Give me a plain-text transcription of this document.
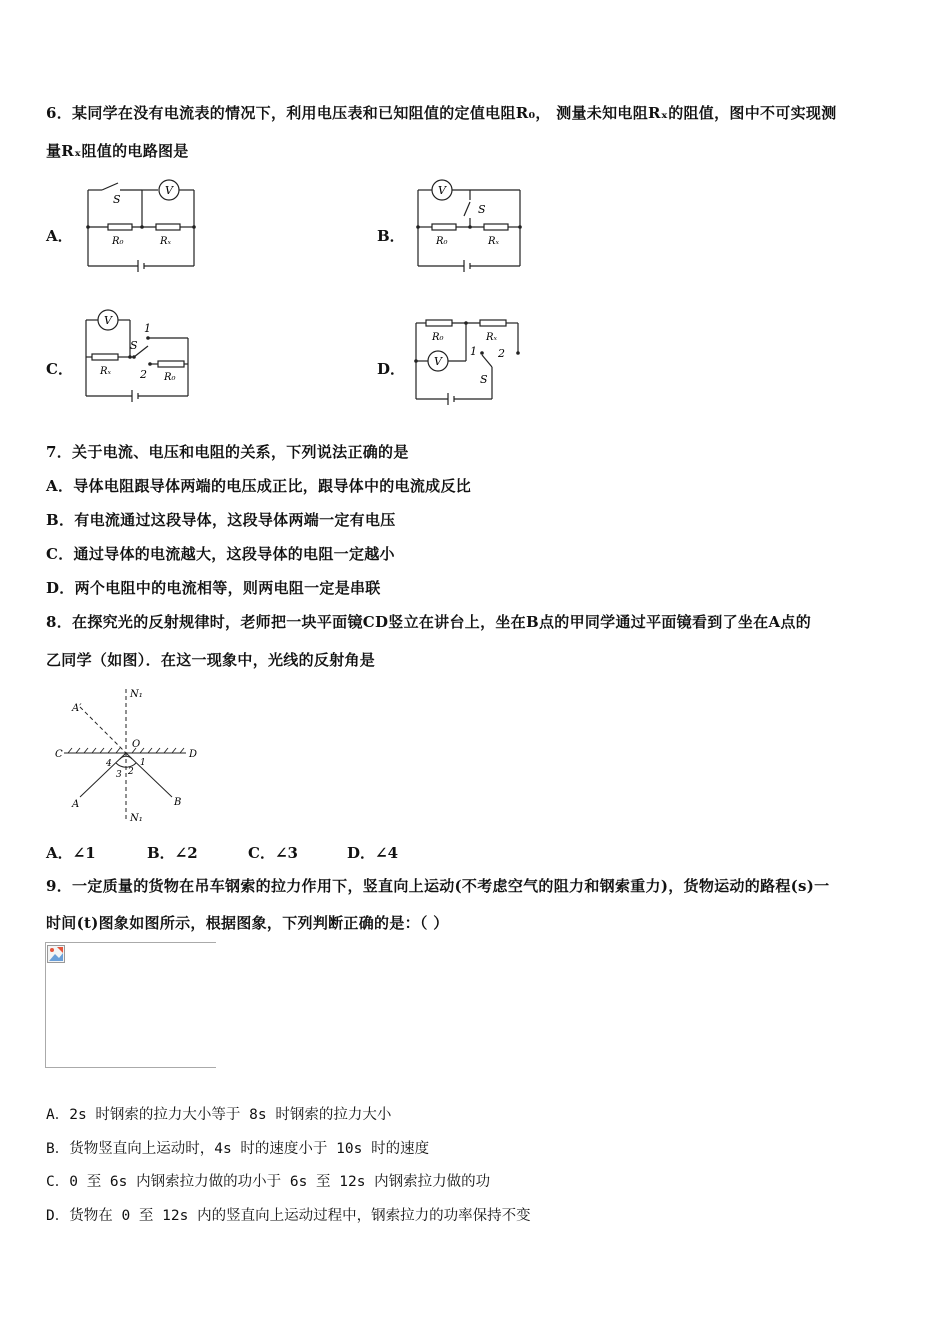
6．某同学在没有电流表的情况下，利用电压表和已知阻值的定值电阻R₀， 测量未知电阻Rₓ的阻值，图中不可实现测
量Rₓ阻值的电路图是
A．
V
S
R₀	Rₓ	B．
V
S
R₀	Rₓ
C．
V
S
1
2
Rₓ
R₀	D．	V
R₀	Rₓ
1 2
S
7．关于电流、电压和电阻的关系，下列说法正确的是
A．导体电阻跟导体两端的电压成正比，跟导体中的电流成反比
B．有电流通过这段导体，这段导体两端一定有电压
C．通过导体的电流越大，这段导体的电阻一定越小
D．两个电阻中的电流相等，则两电阻一定是串联
8．在探究光的反射规律时，老师把一块平面镜CD竖立在讲台上，坐在B点的甲同学通过平面镜看到了坐在A点的
乙同学（如图）．在这一现象中，光线的反射角是
N₁
N₁
A′
O
C	D
A	B
1
2
3
4
A．∠1	B．∠2	C．∠3	D．∠4
9．一定质量的货物在吊车钢索的拉力作用下，竖直向上运动(不考虑空气的阻力和钢索重力)，货物运动的路程(s)一
时间(t)图象如图所示，根据图象，下列判断正确的是：（ ）
A．2s 时钢索的拉力大小等于 8s 时钢索的拉力大小
B．货物竖直向上运动时，4s 时的速度小于 10s 时的速度
C．0 至 6s 内钢索拉力做的功小于 6s 至 12s 内钢索拉力做的功
D．货物在 0 至 12s 内的竖直向上运动过程中，钢索拉力的功率保持不变
